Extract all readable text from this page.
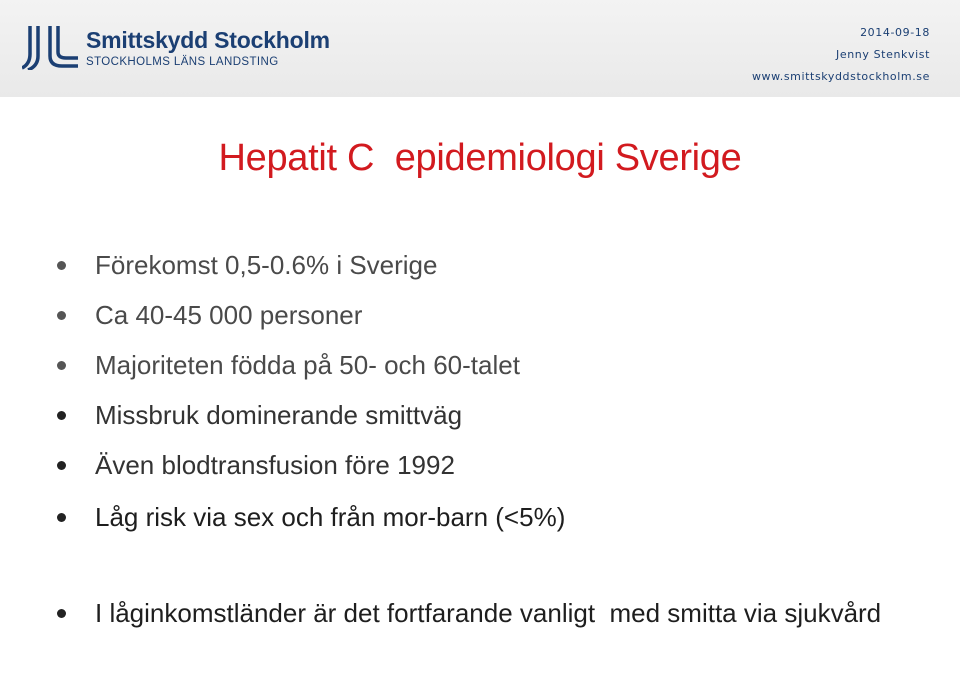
Smittskydd Stockholm
STOCKHOLMS LÄNS LANDSTING
2014-09-18
Jenny Stenkvist
www.smittskyddstockholm.se
Hepatit C  epidemiologi Sverige
Förekomst 0,5-0.6% i Sverige
Ca 40-45 000 personer
Majoriteten födda på 50- och 60-talet
Missbruk dominerande smittväg
Även blodtransfusion före 1992
Låg risk via sex och från mor-barn (<5%)
I låginkomstländer är det fortfarande vanligt  med smitta via sjukvård
